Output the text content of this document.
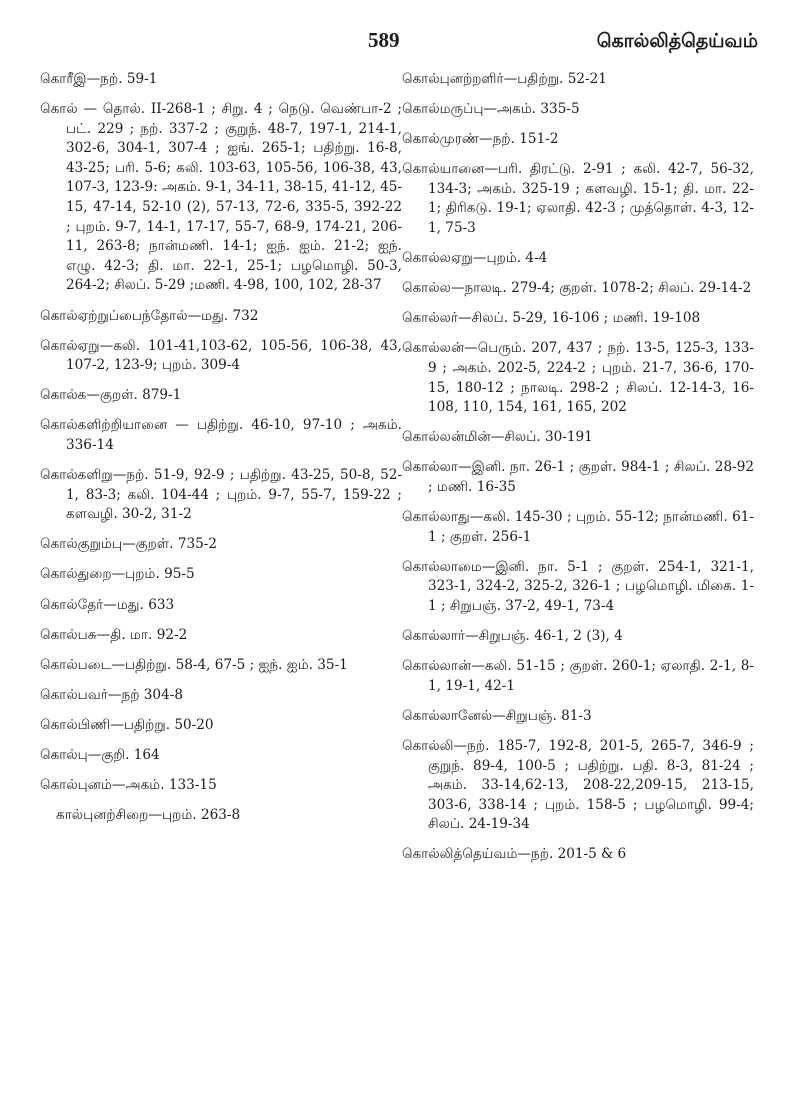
589	கொல்லித்தெய்வம்

கொரீஇ—நற். 59-1

கொல் — தொல். II-268-1 ; சிறு. 4 ; நெடு. வெண்பா-2 ; பட். 229 ; நற். 337-2 ; குறுந். 48-7, 197-1, 214-1, 302-6, 304-1, 307-4 ; ஐங். 265-1; பதிற்று. 16-8, 43-25; பரி. 5-6; கலி. 103-63, 105-56, 106-38, 43, 107-3, 123-9: அகம். 9-1, 34-11, 38-15, 41-12, 45-15, 47-14, 52-10 (2), 57-13, 72-6, 335-5, 392-22 ; புறம். 9-7, 14-1, 17-17, 55-7, 68-9, 174-21, 206-11, 263-8; நான்மணி. 14-1; ஐந். ஐம். 21-2; ஐந். எழு. 42-3; தி. மா. 22-1, 25-1; பழமொழி. 50-3, 264-2; சிலப். 5-29 ;மணி. 4-98, 100, 102, 28-37

கொல்ஏற்றுப்பைந்தோல்—மது. 732

கொல்ஏறு—கலி. 101-41,103-62, 105-56, 106-38, 43, 107-2, 123-9; புறம். 309-4

கொல்க—குறள். 879-1

கொல்களிற்றியானை — பதிற்று. 46-10, 97-10 ; அகம். 336-14

கொல்களிறு—நற். 51-9, 92-9 ; பதிற்று. 43-25, 50-8, 52-1, 83-3; கலி. 104-44 ; புறம். 9-7, 55-7, 159-22 ; களவழி. 30-2, 31-2

கொல்குறும்பு—குறள். 735-2

கொல்துறை—புறம். 95-5

கொல்தேர்—மது. 633

கொல்பசு—தி. மா. 92-2

கொல்படை—பதிற்று. 58-4, 67-5 ; ஐந். ஐம். 35-1

கொல்பவர்—நற் 304-8

கொல்பிணி—பதிற்று. 50-20

கொல்பு—குறி. 164

கொல்புனம்—அகம். 133-15

கால்புனற்சிறை—புறம். 263-8

கொல்புனற்றளிர்—பதிற்று. 52-21

கொல்மருப்பு—அகம். 335-5

கொல்முரண்—நற். 151-2

கொல்யானை—பரி. திரட்டு. 2-91 ; கலி. 42-7, 56-32, 134-3; அகம். 325-19 ; களவழி. 15-1; தி. மா. 22-1; திரிகடு. 19-1; ஏலாதி. 42-3 ; முத்தொள். 4-3, 12-1, 75-3

கொல்லஏறு—புறம். 4-4

கொல்ல—நாலடி. 279-4; குறள். 1078-2; சிலப். 29-14-2

கொல்லர்—சிலப். 5-29, 16-106 ; மணி. 19-108

கொல்லன்—பெரும். 207, 437 ; நற். 13-5, 125-3, 133-9 ; அகம். 202-5, 224-2 ; புறம். 21-7, 36-6, 170-15, 180-12 ; நாலடி. 298-2 ; சிலப். 12-14-3, 16-108, 110, 154, 161, 165, 202

கொல்லன்மின்—சிலப். 30-191

கொல்லா—இனி. நா. 26-1 ; குறள். 984-1 ; சிலப். 28-92 ; மணி. 16-35

கொல்லாது—கலி. 145-30 ; புறம். 55-12; நான்மணி. 61-1 ; குறள். 256-1

கொல்லாமை—இனி. நா. 5-1 ; குறள். 254-1, 321-1, 323-1, 324-2, 325-2, 326-1 ; பழமொழி. மிகை. 1-1 ; சிறுபஞ். 37-2, 49-1, 73-4

கொல்லார்—சிறுபஞ். 46-1, 2 (3), 4

கொல்லான்—கலி. 51-15 ; குறள். 260-1; ஏலாதி. 2-1, 8-1, 19-1, 42-1

கொல்லானேல்—சிறுபஞ். 81-3

கொல்லி—நற். 185-7, 192-8, 201-5, 265-7, 346-9 ; குறுந். 89-4, 100-5 ; பதிற்று. பதி. 8-3, 81-24 ; அகம். 33-14,62-13, 208-22,209-15, 213-15, 303-6, 338-14 ; புறம். 158-5 ; பழமொழி. 99-4; சிலப். 24-19-34

கொல்லித்தெய்வம்—நற். 201-5 & 6
